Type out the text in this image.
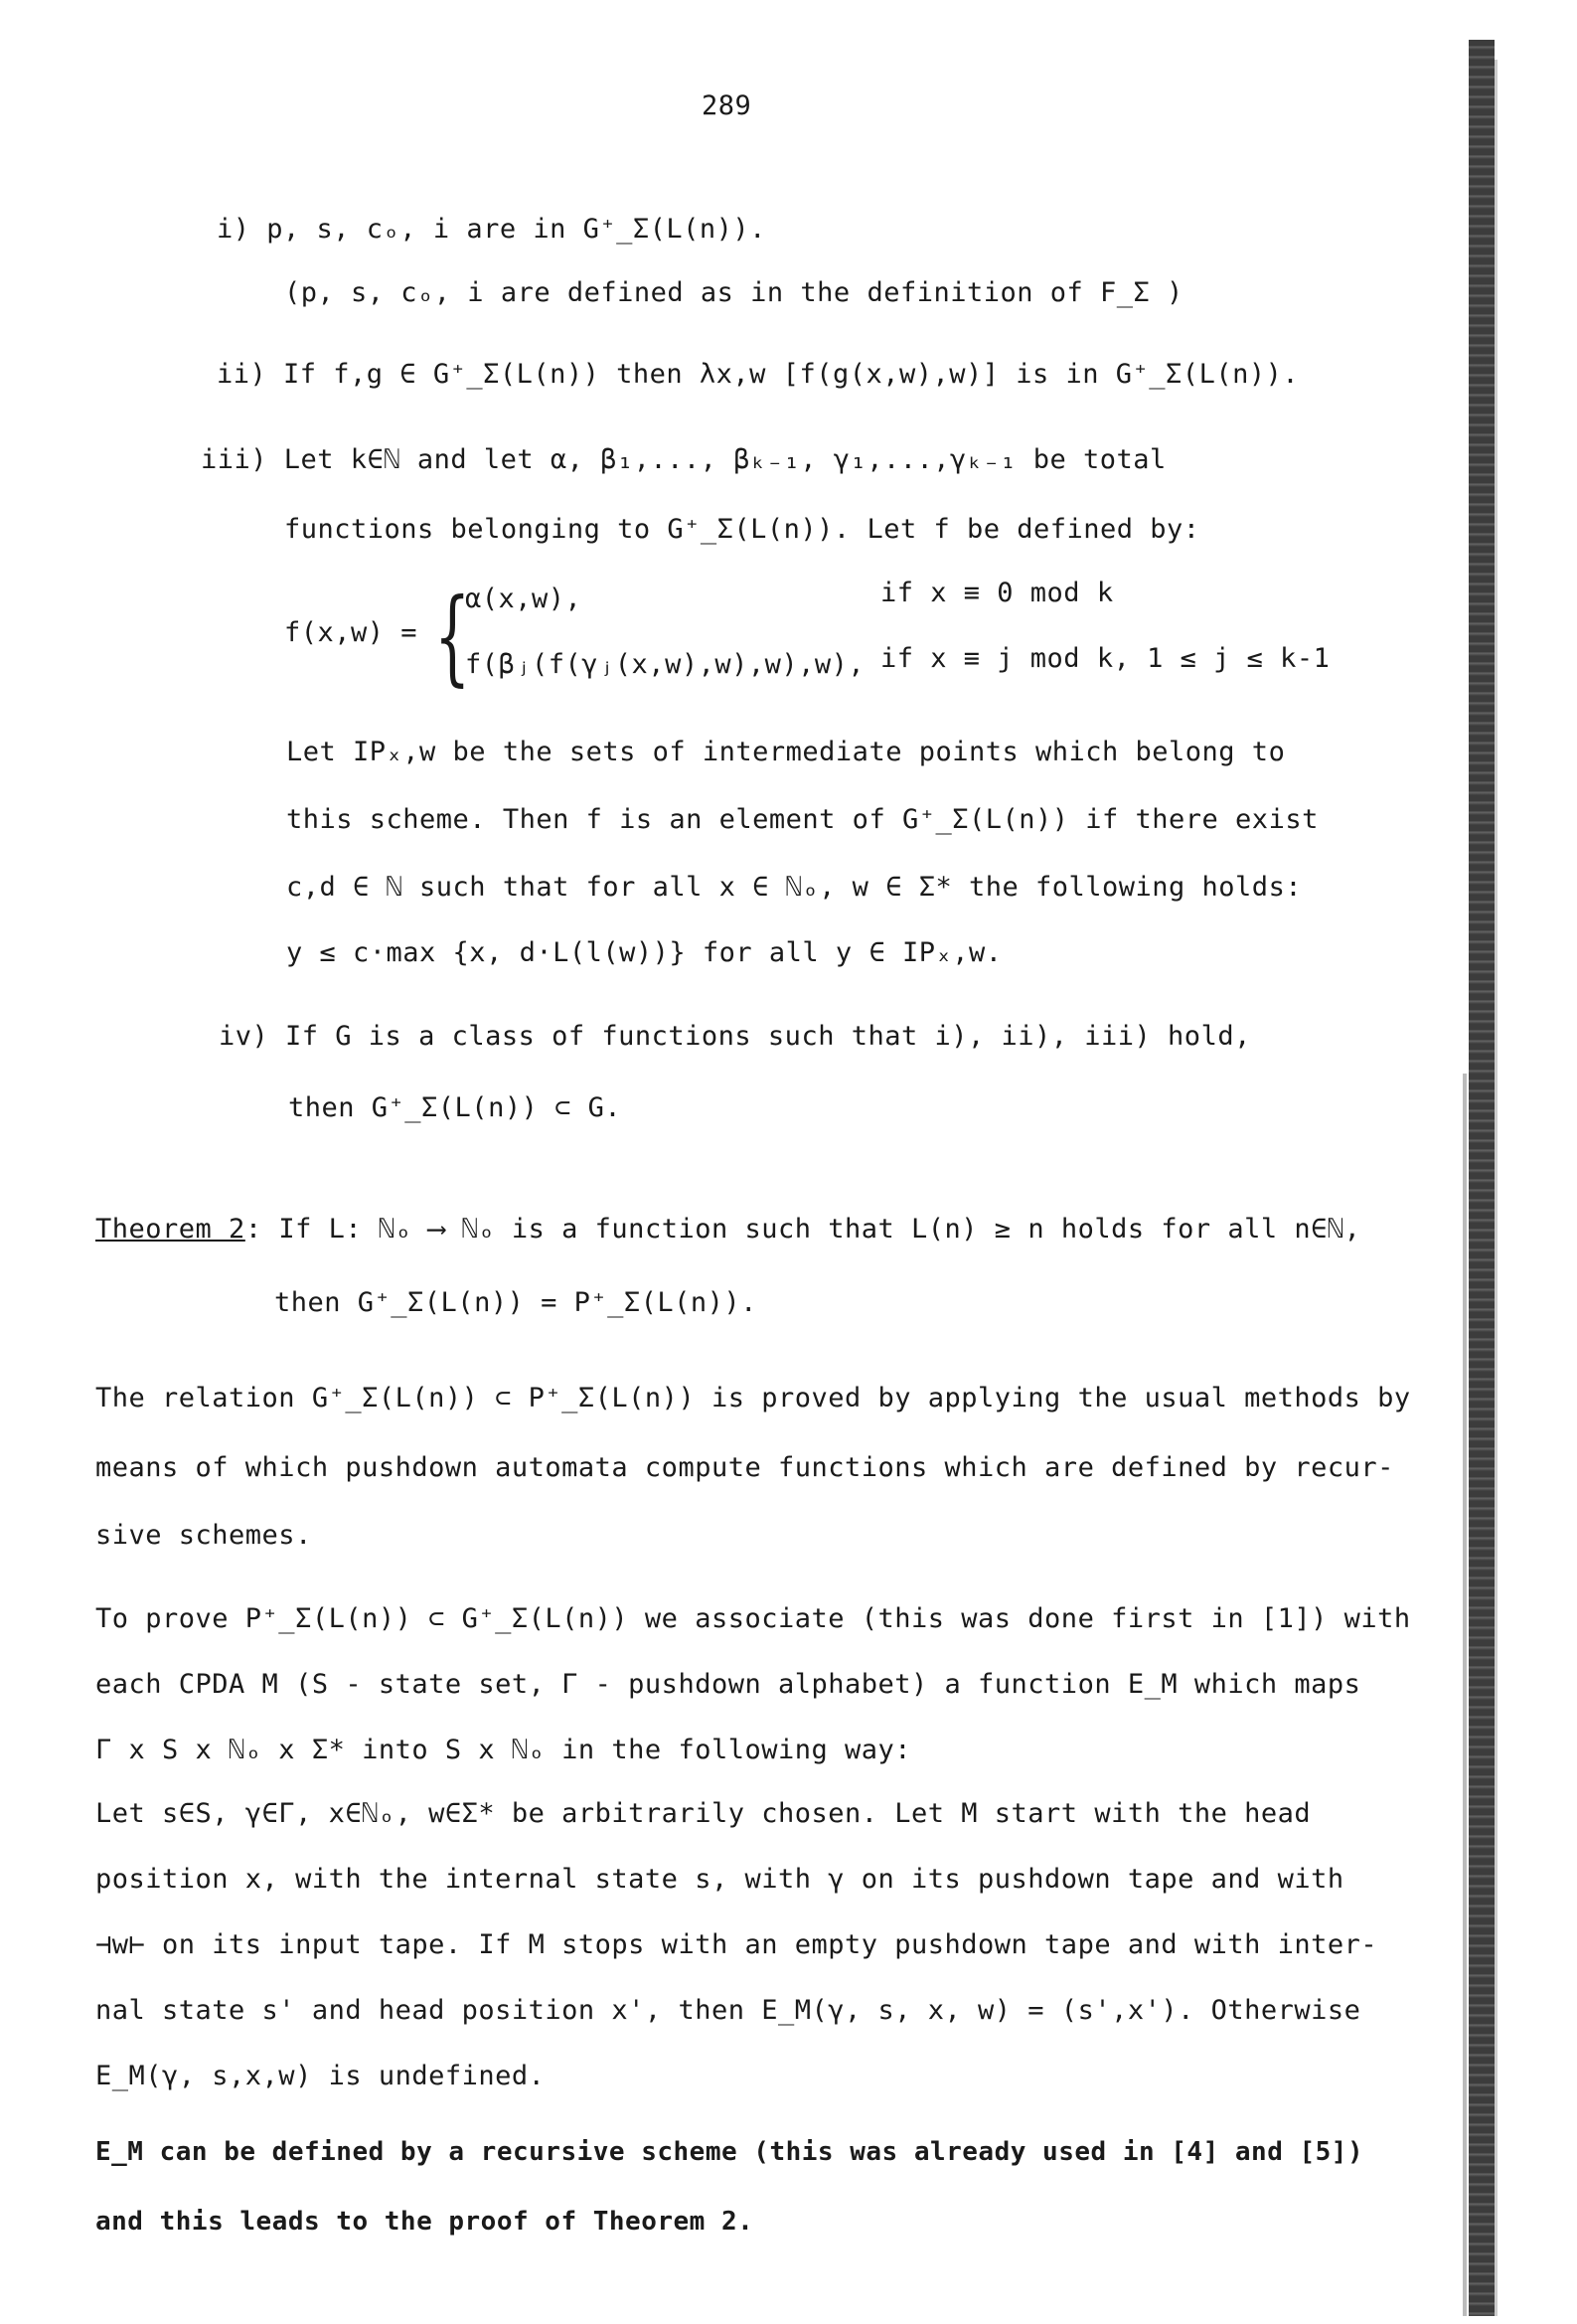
289
i) p, s, cₒ, i are in G⁺_Σ(L(n)).
(p, s, cₒ, i are defined as in the definition of F_Σ )
ii) If f,g ∈ G⁺_Σ(L(n)) then λx,w [f(g(x,w),w)] is in G⁺_Σ(L(n)).
iii) Let k∈ℕ and let α, β₁,..., βₖ₋₁, γ₁,...,γₖ₋₁ be total
functions belonging to G⁺_Σ(L(n)). Let f be defined by:
f(x,w) = {
α(x,w),	if x ≡ 0 mod k
f(βⱼ(f(γⱼ(x,w),w),w),w), if x ≡ j mod k, 1 ≤ j ≤ k-1
Let IPₓ,w be the sets of intermediate points which belong to
this scheme. Then f is an element of G⁺_Σ(L(n)) if there exist
c,d ∈ ℕ such that for all x ∈ ℕₒ, w ∈ Σ* the following holds:
y ≤ c·max {x, d·L(l(w))} for all y ∈ IPₓ,w.
iv) If G is a class of functions such that i), ii), iii) hold,
then G⁺_Σ(L(n)) ⊂ G.
Theorem 2: If L: ℕₒ ⟶ ℕₒ is a function such that L(n) ≥ n holds for all n∈ℕ,
then G⁺_Σ(L(n)) = P⁺_Σ(L(n)).
The relation G⁺_Σ(L(n)) ⊂ P⁺_Σ(L(n)) is proved by applying the usual methods by
means of which pushdown automata compute functions which are defined by recur-
sive schemes.
To prove P⁺_Σ(L(n)) ⊂ G⁺_Σ(L(n)) we associate (this was done first in [1]) with
each CPDA M (S - state set, Γ - pushdown alphabet) a function E_M which maps
Γ x S x ℕₒ x Σ* into S x ℕₒ in the following way:
Let s∈S, γ∈Γ, x∈ℕₒ, w∈Σ* be arbitrarily chosen. Let M start with the head
position x, with the internal state s, with γ on its pushdown tape and with
⊣w⊢ on its input tape. If M stops with an empty pushdown tape and with inter-
nal state s' and head position x', then E_M(γ, s, x, w) = (s',x'). Otherwise
E_M(γ, s,x,w) is undefined.
E_M can be defined by a recursive scheme (this was already used in [4] and [5])
and this leads to the proof of Theorem 2.
